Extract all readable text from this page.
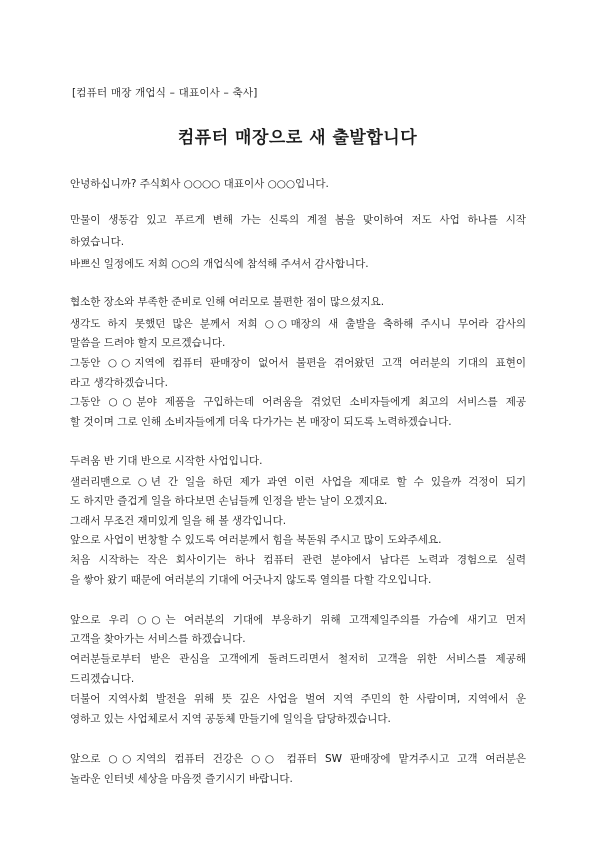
[컴퓨터 매장 개업식 – 대표이사 – 축사]
컴퓨터 매장으로 새 출발합니다
안녕하십니까? 주식회사 ○○○○ 대표이사 ○○○입니다.
만물이 생동감 있고 푸르게 변해 가는 신록의 계절 봄을 맞이하여 저도 사업 하나를 시작
하였습니다.
바쁘신 일정에도 저희 ○○의 개업식에 참석해 주셔서 감사합니다.
협소한 장소와 부족한 준비로 인해 여러모로 불편한 점이 많으셨지요.
생각도 하지 못했던 많은 분께서 저희 ○○매장의 새 출발을 축하해 주시니 무어라 감사의
말씀을 드려야 할지 모르겠습니다.
그동안 ○○지역에 컴퓨터 판매장이 없어서 불편을 겪어왔던 고객 여러분의 기대의 표현이
라고 생각하겠습니다.
그동안 ○○분야 제품을 구입하는데 어려움을 겪었던 소비자들에게 최고의 서비스를 제공
할 것이며 그로 인해 소비자들에게 더욱 다가가는 본 매장이 되도록 노력하겠습니다.
두려움 반 기대 반으로 시작한 사업입니다.
샐러리맨으로 ○년 간 일을 하던 제가 과연 이런 사업을 제대로 할 수 있을까 걱정이 되기
도 하지만 즐겁게 일을 하다보면 손님들께 인정을 받는 날이 오겠지요.
그래서 무조건 재미있게 일을 해 볼 생각입니다.
앞으로 사업이 번창할 수 있도록 여러분께서 힘을 북돋워 주시고 많이 도와주세요.
처음 시작하는 작은 회사이기는 하나 컴퓨터 관련 분야에서 남다른 노력과 경험으로 실력
을 쌓아 왔기 때문에 여러분의 기대에 어긋나지 않도록 열의를 다할 각오입니다.
앞으로 우리 ○○는 여러분의 기대에 부응하기 위해 고객제일주의를 가슴에 새기고 먼저
고객을 찾아가는 서비스를 하겠습니다.
여러분들로부터 받은 관심을 고객에게 돌려드리면서 철저히 고객을 위한 서비스를 제공해
드리겠습니다.
더불어 지역사회 발전을 위해 뜻 깊은 사업을 벌여 지역 주민의 한 사람이며, 지역에서 운
영하고 있는 사업체로서 지역 공동체 만들기에 일익을 담당하겠습니다.
앞으로 ○○지역의 컴퓨터 건강은 ○○ 컴퓨터 SW 판매장에 맡겨주시고 고객 여러분은
놀라운 인터넷 세상을 마음껏 즐기시기 바랍니다.
